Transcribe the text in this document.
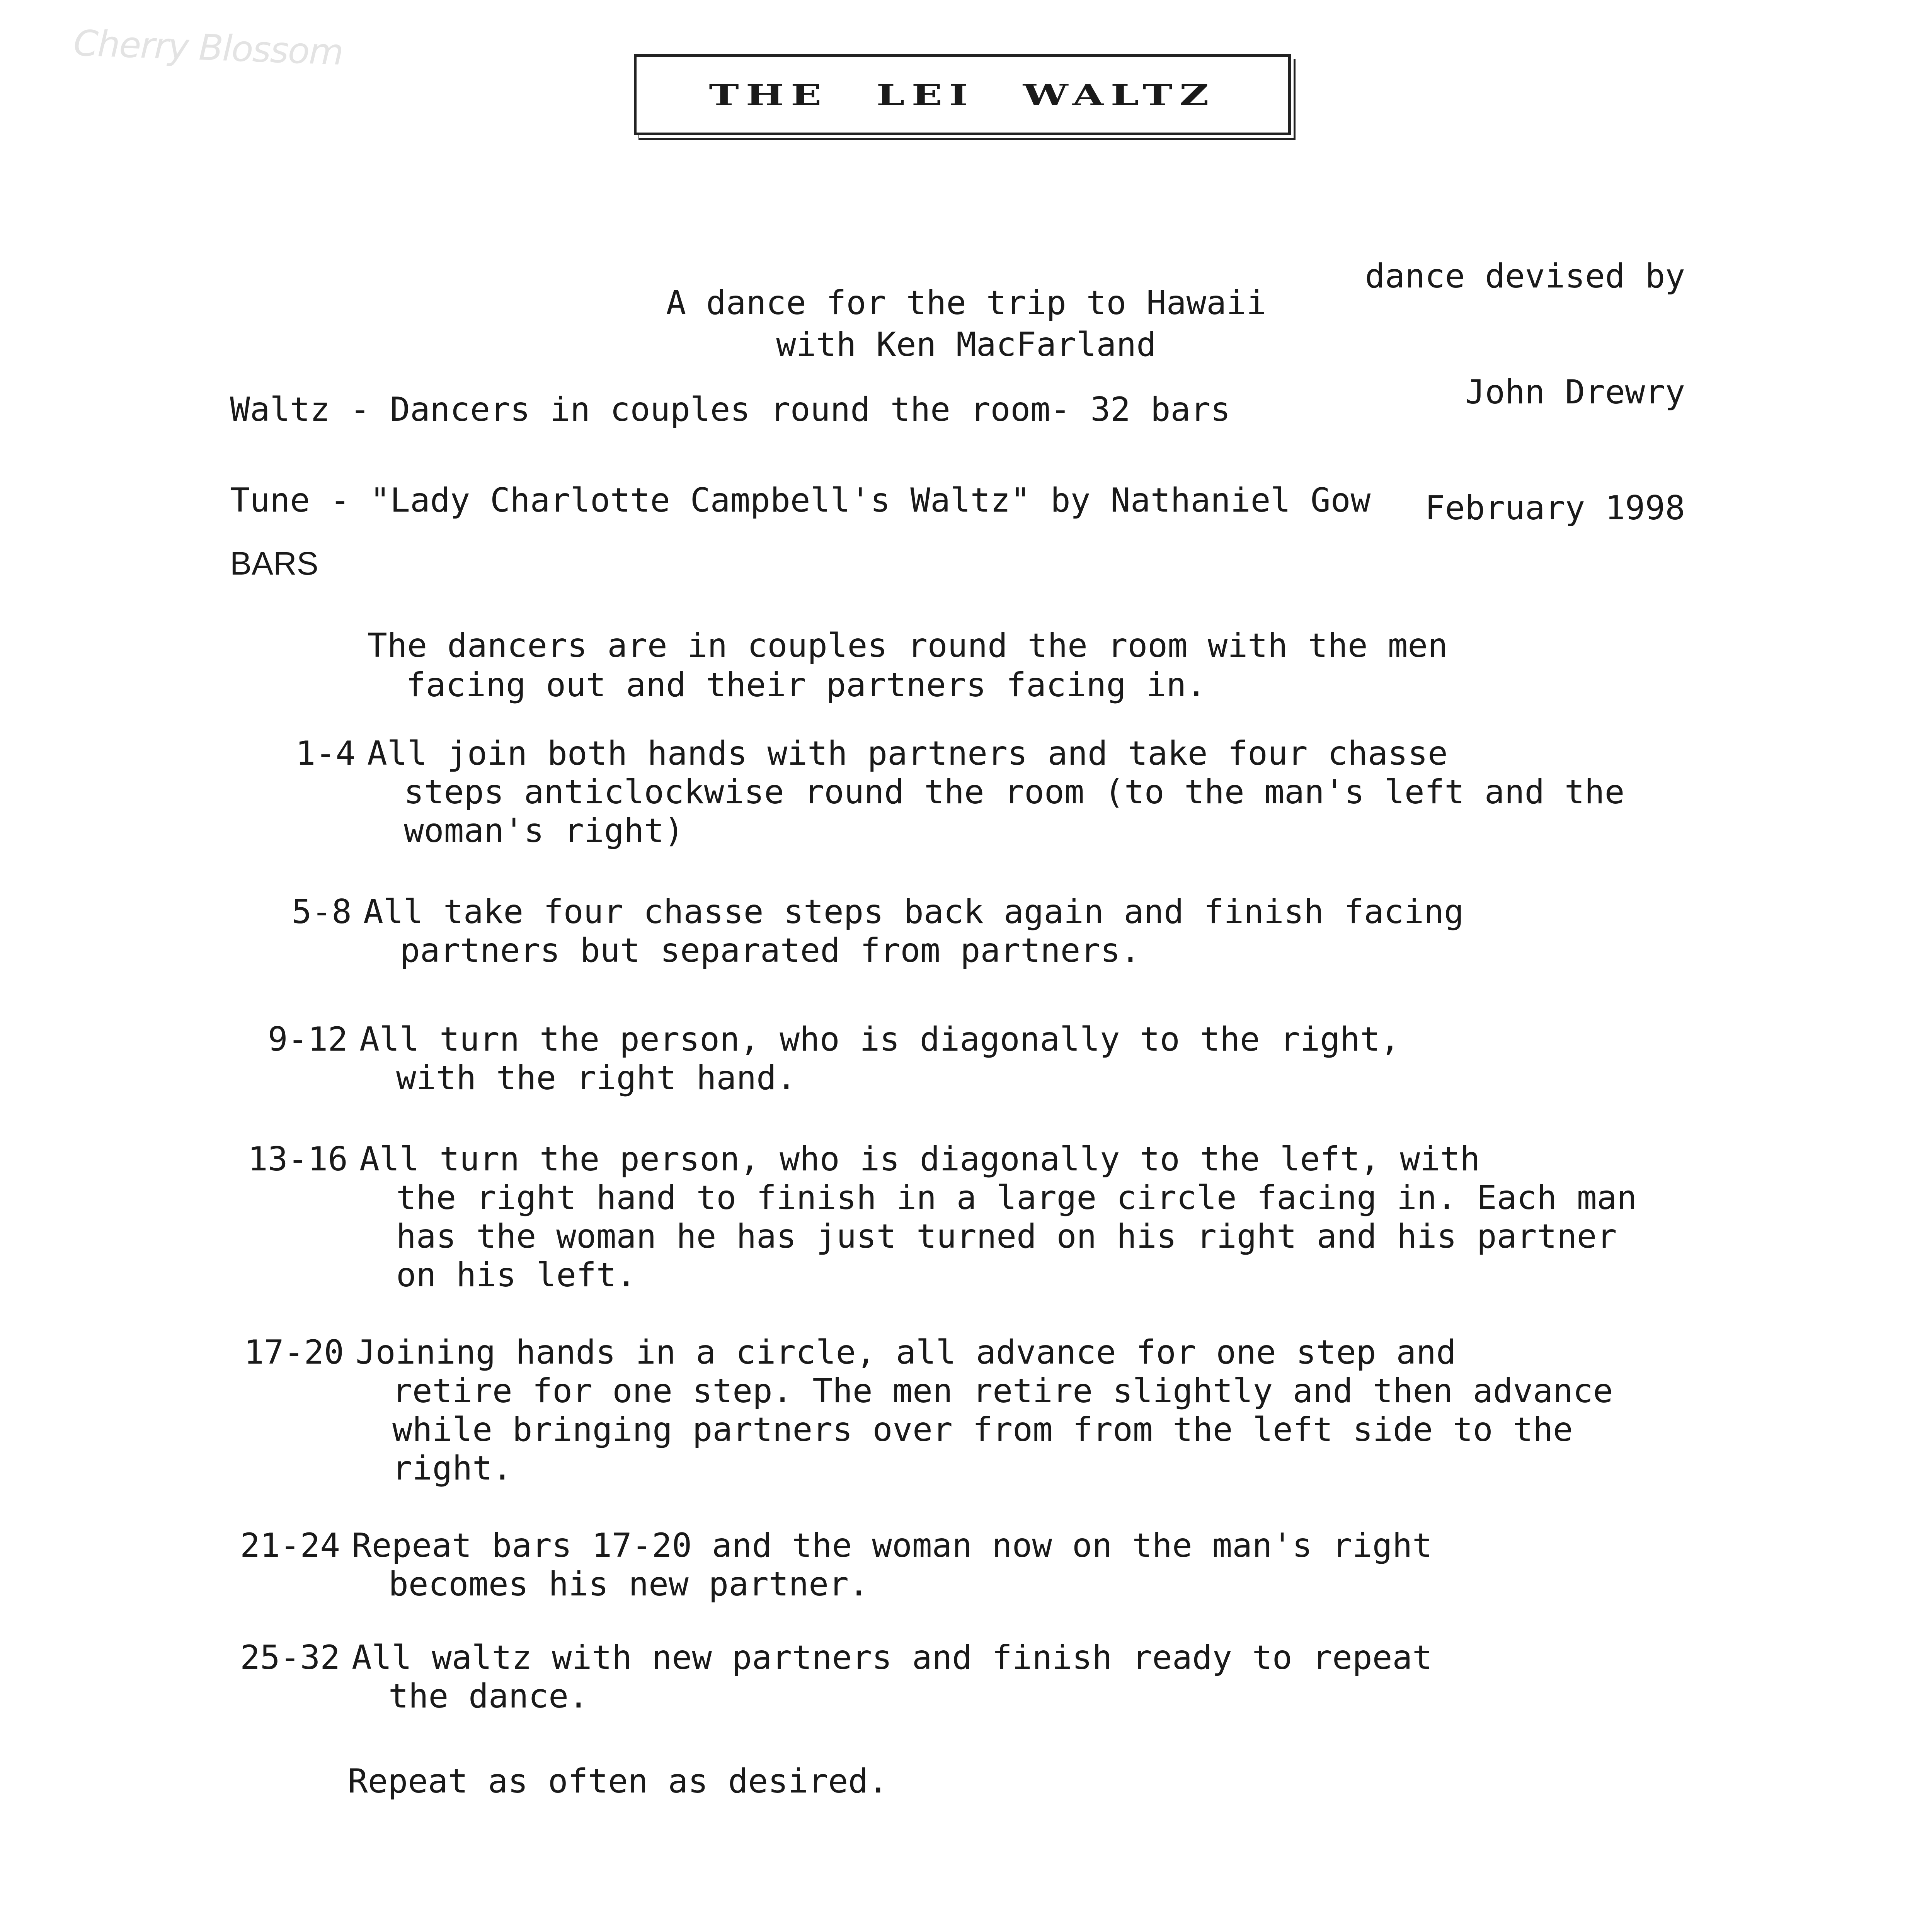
Cherry Blossom
THE LEI WALTZ

dance devised by

John Drewry

February 1998

A dance for the trip to Hawaii
with Ken MacFarland
Waltz - Dancers in couples round the room- 32 bars
Tune - "Lady Charlotte Campbell's Waltz" by Nathaniel Gow
BARS
The dancers are in couples round the room with the men
facing out and their partners facing in.
1-4 All join both hands with partners and take four chasse
steps anticlockwise round the room (to the man's left and the woman's right)
5-8 All take four chasse steps back again and finish facing
partners but separated from partners.
9-12 All turn the person, who is diagonally to the right,
with the right hand.
13-16 All turn the person, who is diagonally to the left, with
the right hand to finish in a large circle facing in. Each man has the woman he has just turned on his right and his partner on his left.
17-20 Joining hands in a circle, all advance for one step and
retire for one step. The men retire slightly and then advance while bringing partners over from from the left side to the right.
21-24 Repeat bars 17-20 and the woman now on the man's right
becomes his new partner.
25-32 All waltz with new partners and finish ready to repeat
the dance.
Repeat as often as desired.
